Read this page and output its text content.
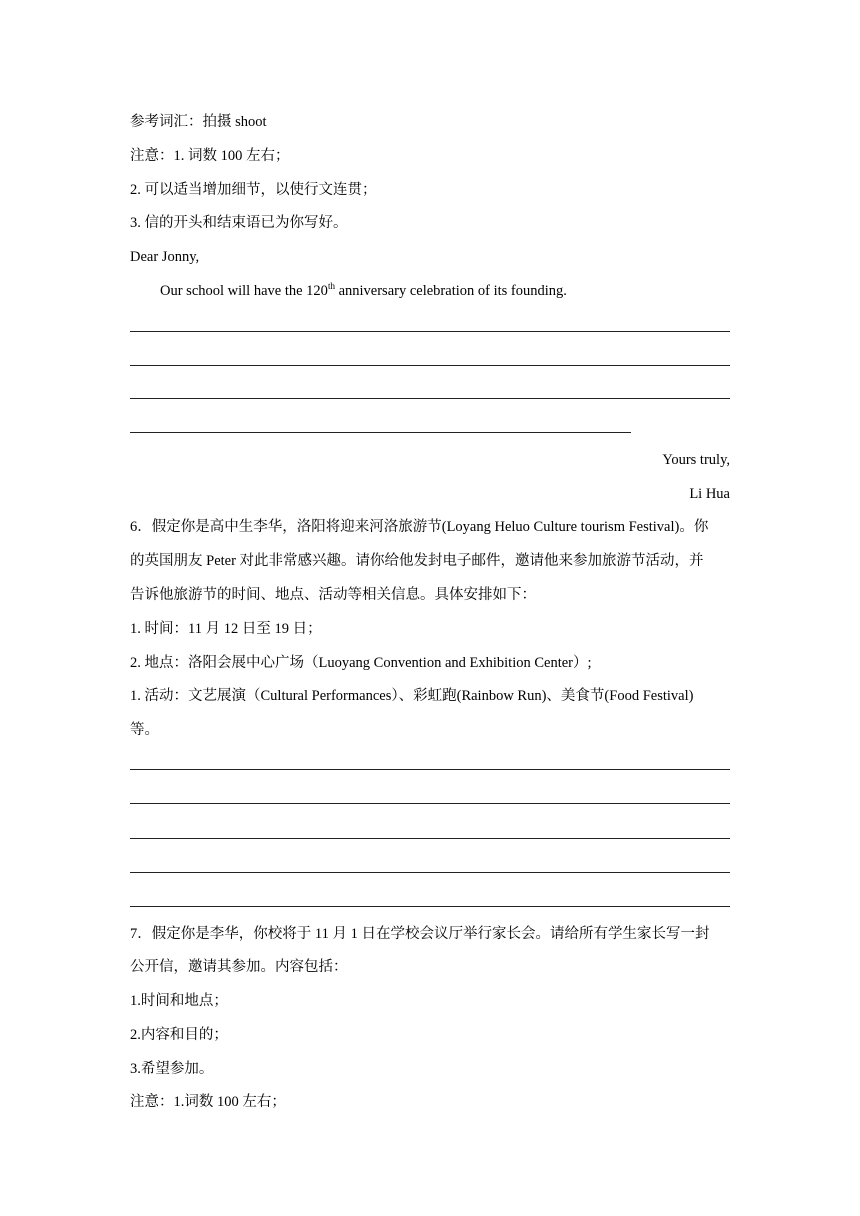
参考词汇：拍摄 shoot
注意：1. 词数 100 左右；
2. 可以适当增加细节，以使行文连贯；
3. 信的开头和结束语已为你写好。
Dear Jonny,
Our school will have the 120th anniversary celebration of its founding.
Yours truly,
Li Hua
6．假定你是高中生李华，洛阳将迎来河洛旅游节(Loyang Heluo Culture tourism Festival)。你
的英国朋友 Peter 对此非常感兴趣。请你给他发封电子邮件，邀请他来参加旅游节活动，并
告诉他旅游节的时间、地点、活动等相关信息。具体安排如下：
1. 时间：11 月 12 日至 19 日；
2. 地点：洛阳会展中心广场（Luoyang Convention and Exhibition Center）;
1. 活动：文艺展演（Cultural Performances）、彩虹跑(Rainbow Run)、美食节(Food Festival)
等。
7．假定你是李华，你校将于 11 月 1 日在学校会议厅举行家长会。请给所有学生家长写一封
公开信，邀请其参加。内容包括：
1.时间和地点；
2.内容和目的；
3.希望参加。
注意：1.词数 100 左右；
